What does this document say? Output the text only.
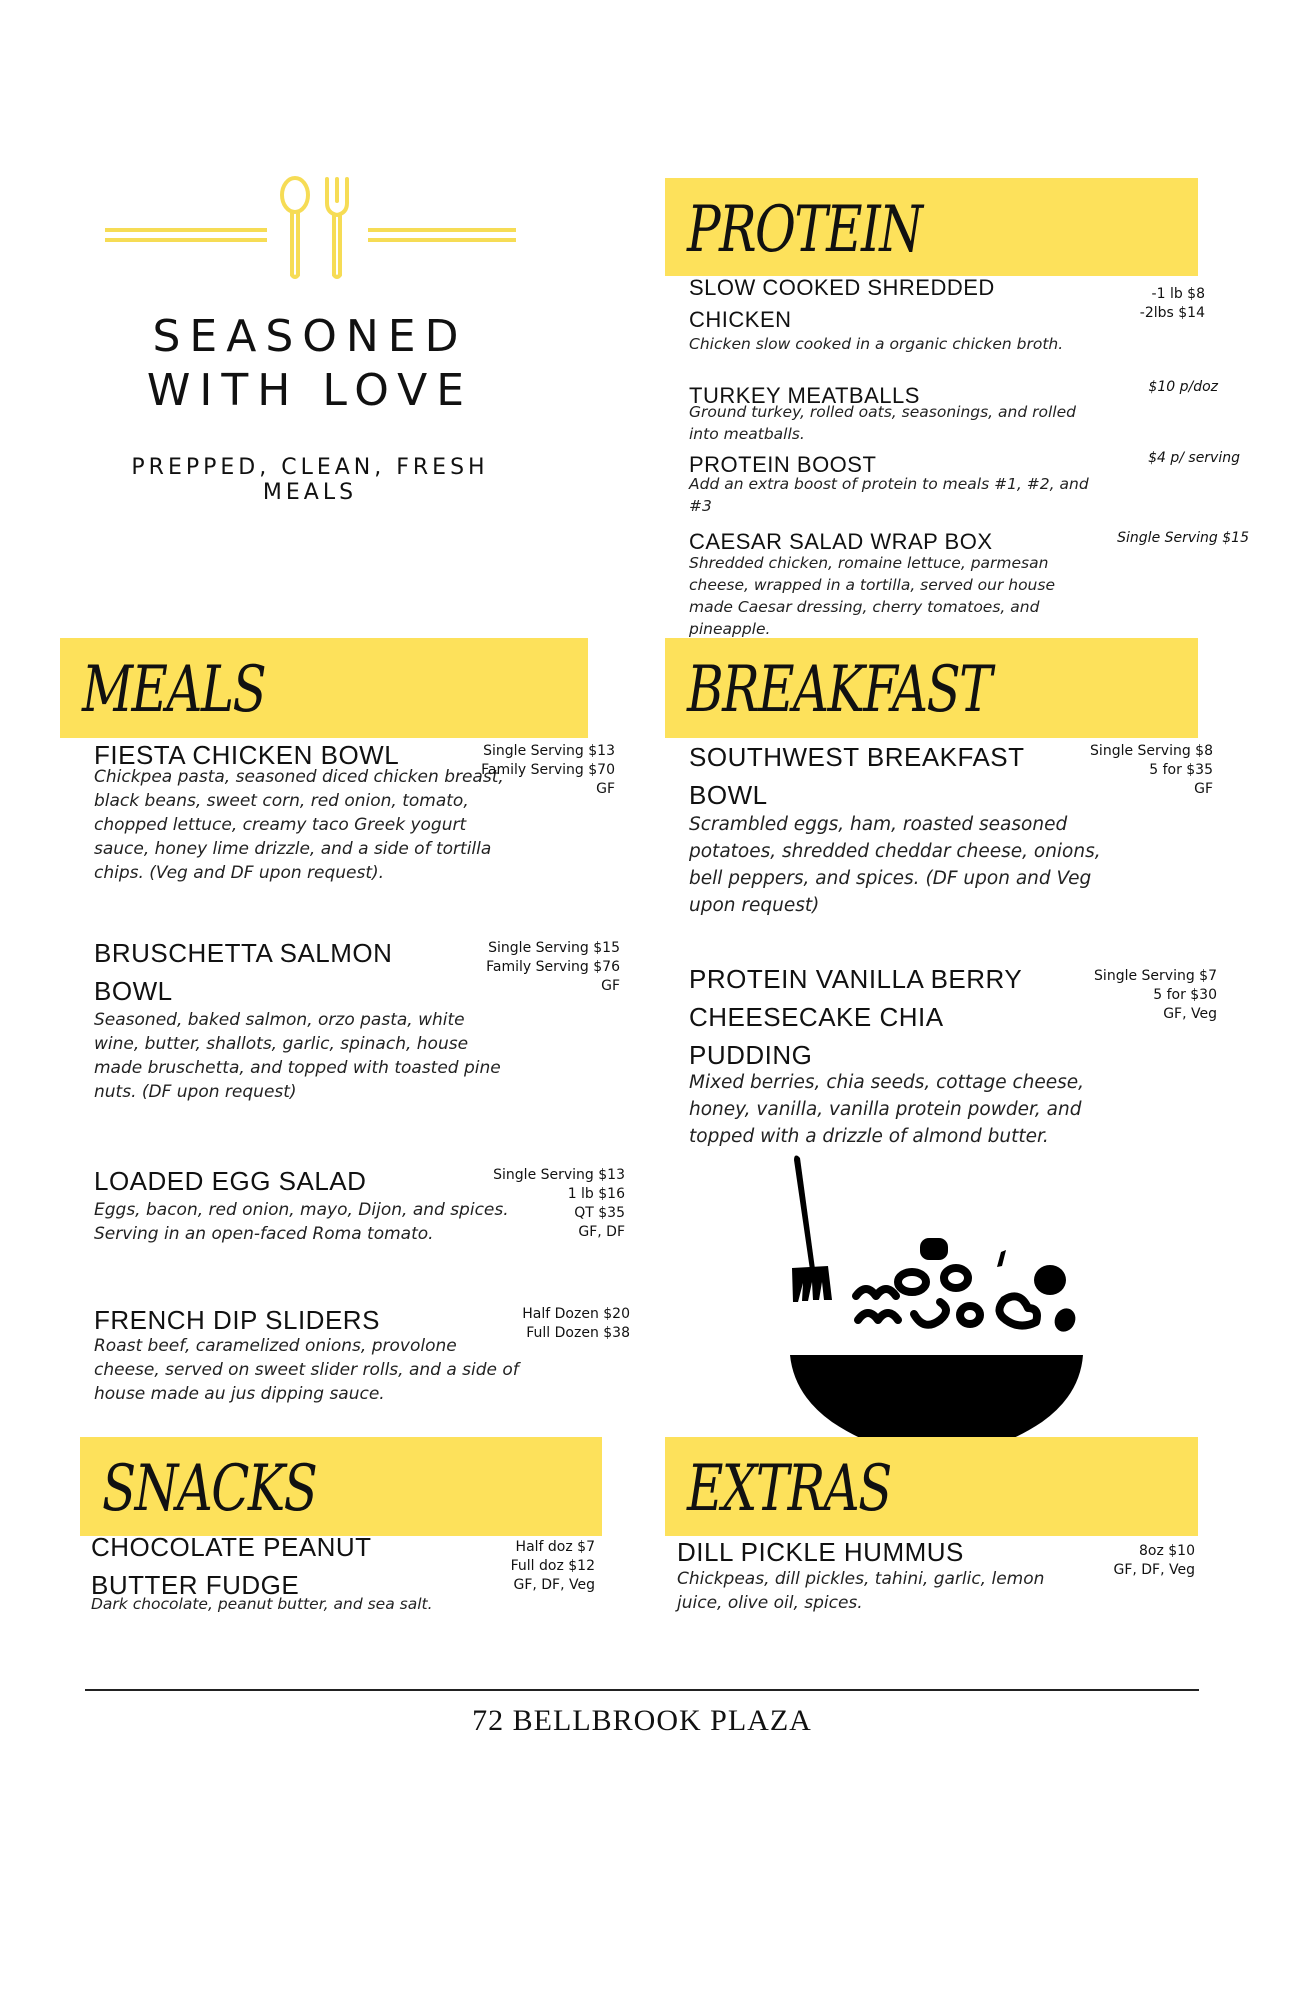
SEASONED WITH LOVE
PREPPED, CLEAN, FRESH MEALS
PROTEIN
SLOW COOKED SHREDDED CHICKEN
Chicken slow cooked in a organic chicken broth.
-1 lb $8
-2lbs $14
TURKEY MEATBALLS
Ground turkey, rolled oats, seasonings, and rolled into meatballs.
$10 p/doz
PROTEIN BOOST
Add an extra boost of protein to meals #1, #2, and #3
$4 p/ serving
CAESAR SALAD WRAP BOX
Shredded chicken, romaine lettuce, parmesan cheese, wrapped in a tortilla, served our house made Caesar dressing, cherry tomatoes, and pineapple.
Single Serving $15
MEALS
FIESTA CHICKEN BOWL
Chickpea pasta, seasoned diced chicken breast, black beans, sweet corn, red onion, tomato, chopped lettuce, creamy taco Greek yogurt sauce, honey lime drizzle, and a side of tortilla chips. (Veg and DF upon request).
Single Serving $13
Family Serving $70
GF
BRUSCHETTA SALMON BOWL
Seasoned, baked salmon, orzo pasta, white wine, butter, shallots, garlic, spinach, house made bruschetta, and topped with toasted pine nuts. (DF upon request)
Single Serving $15
Family Serving $76
GF
LOADED EGG SALAD
Eggs, bacon, red onion, mayo, Dijon, and spices. Serving in an open-faced Roma tomato.
Single Serving $13
1 lb $16
QT $35
GF, DF
FRENCH DIP SLIDERS
Roast beef, caramelized onions, provolone cheese, served on sweet slider rolls, and a side of house made au jus dipping sauce.
Half Dozen $20
Full Dozen $38
BREAKFAST
SOUTHWEST BREAKFAST BOWL
Scrambled eggs, ham, roasted seasoned potatoes, shredded cheddar cheese, onions, bell peppers, and spices. (DF upon and Veg upon request)
Single Serving $8
5 for $35
GF
PROTEIN VANILLA BERRY CHEESECAKE CHIA PUDDING
Mixed berries, chia seeds, cottage cheese, honey, vanilla, vanilla protein powder, and topped with a drizzle of almond butter.
Single Serving $7
5 for $30
GF, Veg
SNACKS
CHOCOLATE PEANUT BUTTER FUDGE
Dark chocolate, peanut butter, and sea salt.
Half doz $7
Full doz $12
GF, DF, Veg
EXTRAS
DILL PICKLE HUMMUS
Chickpeas, dill pickles, tahini, garlic, lemon juice, olive oil, spices.
8oz $10
GF, DF, Veg
72 BELLBROOK PLAZA
